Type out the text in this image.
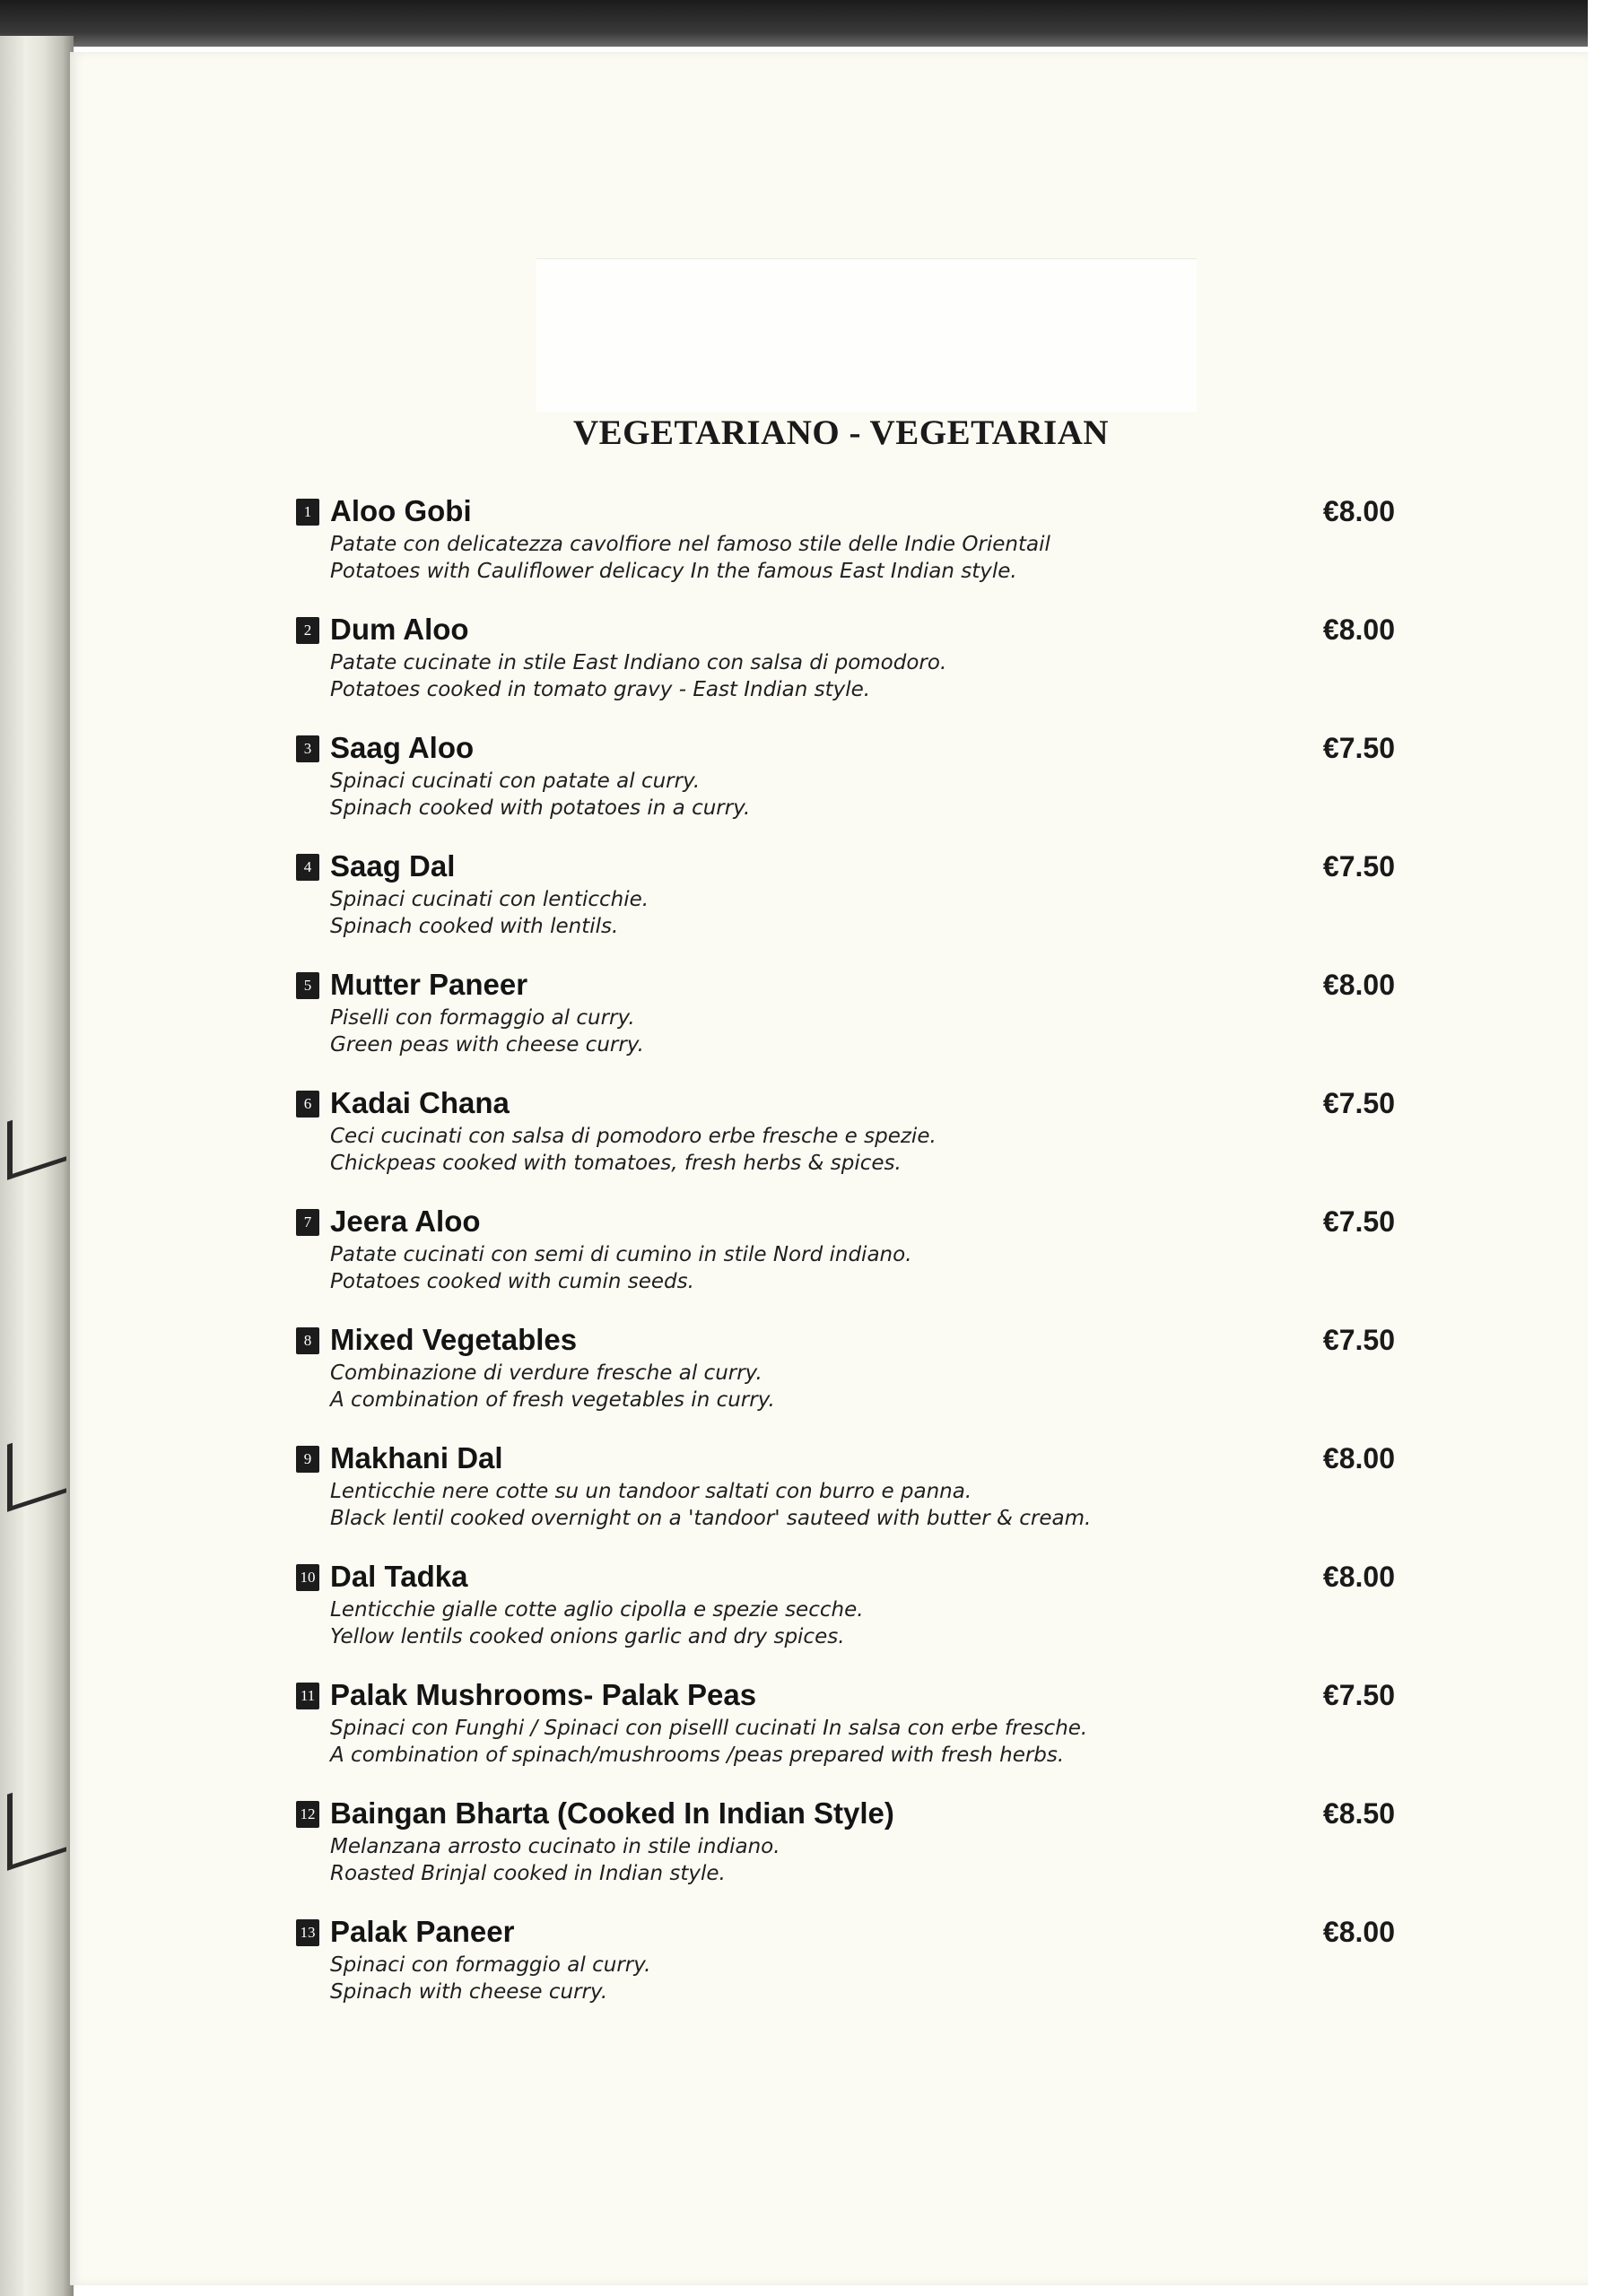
VEGETARIANO - VEGETARIAN
1 Aloo Gobi
Patate con delicatezza cavolfiore nel famoso stile delle Indie Orientail
Potatoes with Cauliflower delicacy In the famous East Indian style.
€8.00
2 Dum Aloo
Patate cucinate in stile East Indiano con salsa di pomodoro.
Potatoes cooked in tomato gravy - East Indian style.
€8.00
3 Saag Aloo
Spinaci cucinati con patate al curry.
Spinach cooked with potatoes in a curry.
€7.50
4 Saag Dal
Spinaci cucinati con lenticchie.
Spinach cooked with lentils.
€7.50
5 Mutter Paneer
Piselli con formaggio al curry.
Green peas with cheese curry.
€8.00
6 Kadai Chana
Ceci cucinati con salsa di pomodoro erbe fresche e spezie.
Chickpeas cooked with tomatoes, fresh herbs & spices.
€7.50
7 Jeera Aloo
Patate cucinati con semi di cumino in stile Nord indiano.
Potatoes cooked with cumin seeds.
€7.50
8 Mixed Vegetables
Combinazione di verdure fresche al curry.
A combination of fresh vegetables in curry.
€7.50
9 Makhani Dal
Lenticchie nere cotte su un tandoor saltati con burro e panna.
Black lentil cooked overnight on a 'tandoor' sauteed with butter & cream.
€8.00
10 Dal Tadka
Lenticchie gialle cotte aglio cipolla e spezie secche.
Yellow lentils cooked onions garlic and dry spices.
€8.00
11 Palak Mushrooms- Palak Peas
Spinaci con Funghi / Spinaci con piselll cucinati In salsa con erbe fresche.
A combination of spinach/mushrooms /peas prepared with fresh herbs.
€7.50
12 Baingan Bharta (Cooked In Indian Style)
Melanzana arrosto cucinato in stile indiano.
Roasted Brinjal cooked in Indian style.
€8.50
13 Palak Paneer
Spinaci con formaggio al curry.
Spinach with cheese curry.
€8.00
